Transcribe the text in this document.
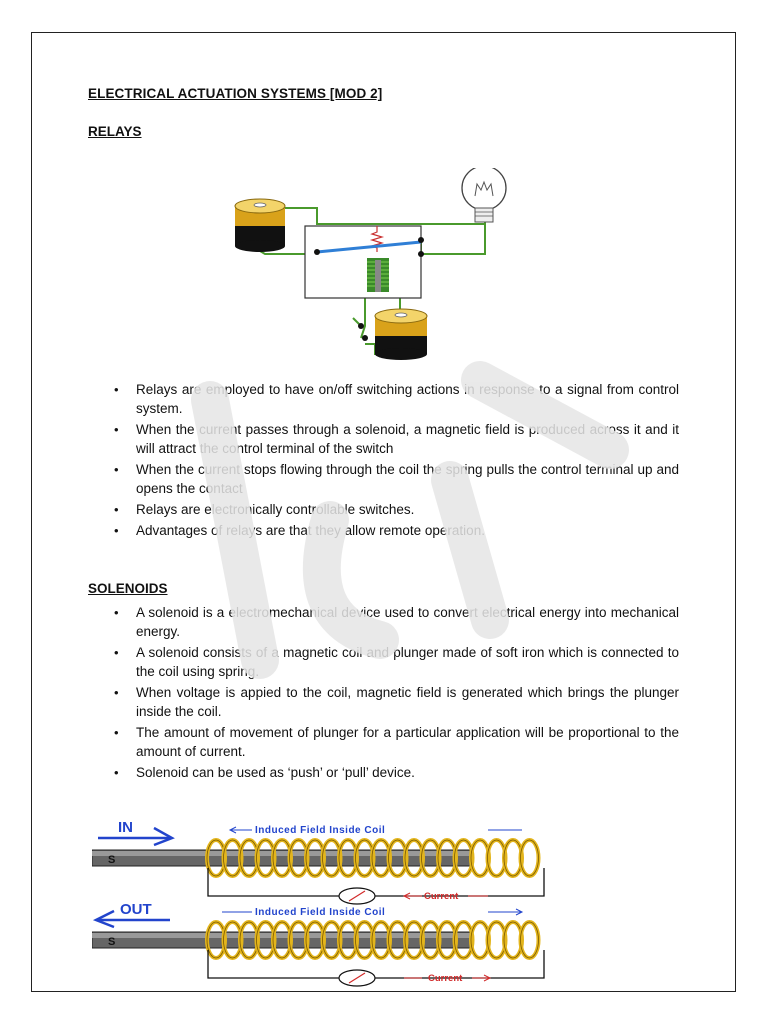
ELECTRICAL ACTUATION SYSTEMS [MOD 2]
RELAYS
• Relays are employed to have on/off switching actions in response to a signal from control system.
• When the current passes through a solenoid, a magnetic field is produced across it and it will attract the control terminal of the switch
• When the current stops flowing through the coil the spring pulls the control terminal up and opens the contact
• Relays are electronically controllable switches.
• Advantages of relays are that they allow remote operation.
SOLENOIDS
• A solenoid is a electromechanical device used to convert electrical energy into mechanical energy.
• A solenoid consists of a magnetic coil and plunger made of soft iron which is connected to the coil using spring.
• When voltage is appied to the coil, magnetic field is generated which brings the plunger inside the coil.
• The amount of movement of plunger for a particular application will be proportional to the amount of current.
• Solenoid can be used as ‘push’ or ‘pull’ device.
IN	Induced Field Inside Coil
S
Current
OUT	Induced Field Inside Coil
S
Current
